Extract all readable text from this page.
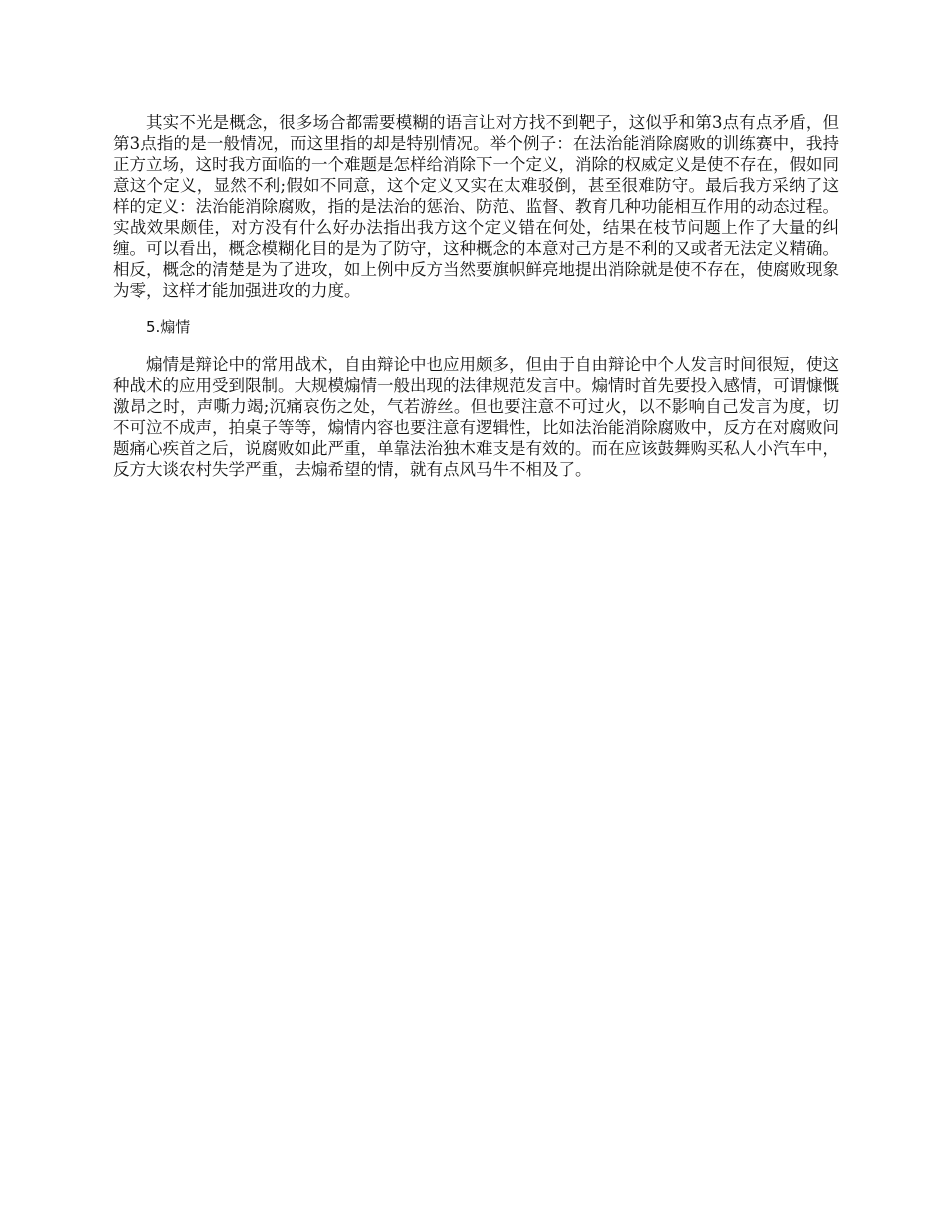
其实不光是概念，很多场合都需要模糊的语言让对方找不到靶子，这似乎和第3点有点矛盾，但第3点指的是一般情况，而这里指的却是特别情况。举个例子：在法治能消除腐败的训练赛中，我持正方立场，这时我方面临的一个难题是怎样给消除下一个定义，消除的权威定义是使不存在，假如同意这个定义，显然不利;假如不同意，这个定义又实在太难驳倒，甚至很难防守。最后我方采纳了这样的定义：法治能消除腐败，指的是法治的惩治、防范、监督、教育几种功能相互作用的动态过程。实战效果颇佳，对方没有什么好办法指出我方这个定义错在何处，结果在枝节问题上作了大量的纠缠。可以看出，概念模糊化目的是为了防守，这种概念的本意对己方是不利的又或者无法定义精确。相反，概念的清楚是为了进攻，如上例中反方当然要旗帜鲜亮地提出消除就是使不存在，使腐败现象为零，这样才能加强进攻的力度。

5.煽情

煽情是辩论中的常用战术，自由辩论中也应用颇多，但由于自由辩论中个人发言时间很短，使这种战术的应用受到限制。大规模煽情一般出现的法律规范发言中。煽情时首先要投入感情，可谓慷慨激昂之时，声嘶力竭;沉痛哀伤之处，气若游丝。但也要注意不可过火，以不影响自己发言为度，切不可泣不成声，拍桌子等等，煽情内容也要注意有逻辑性，比如法治能消除腐败中，反方在对腐败问题痛心疾首之后，说腐败如此严重，单靠法治独木难支是有效的。而在应该鼓舞购买私人小汽车中，反方大谈农村失学严重，去煽希望的情，就有点风马牛不相及了。
